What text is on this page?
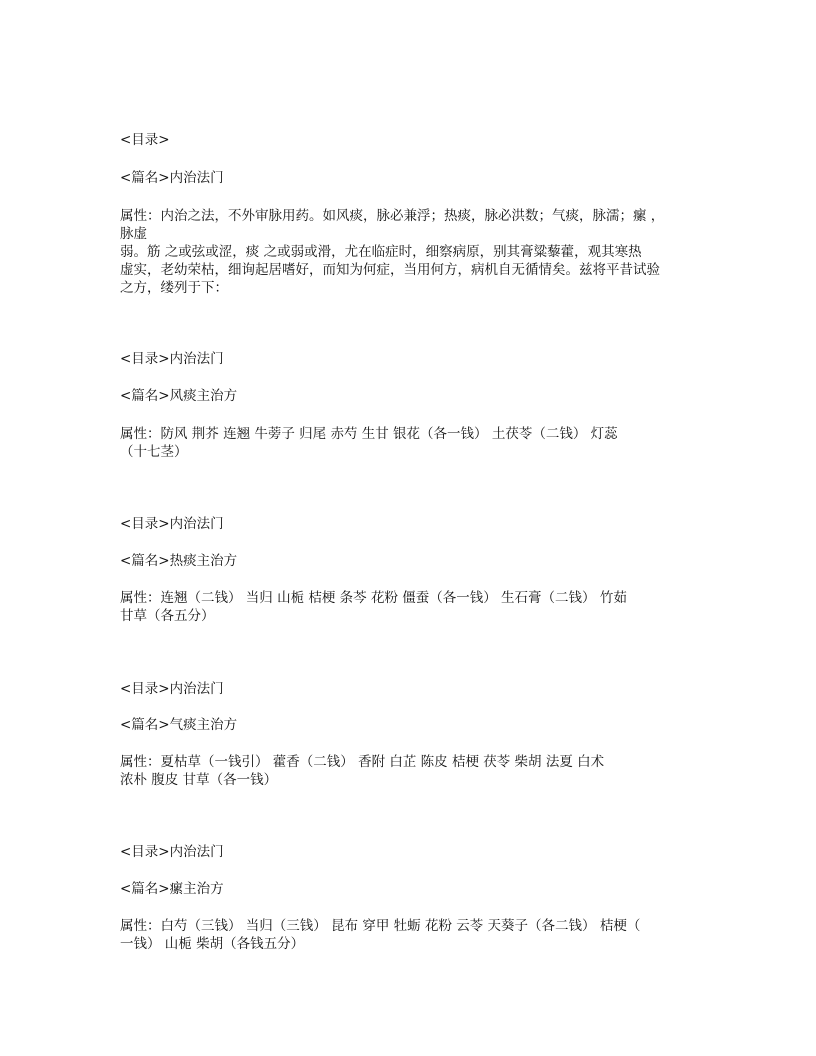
<目录>
<篇名>内治法门
属性：内治之法，不外审脉用药。如风痰，脉必兼浮；热痰，脉必洪数；气痰，脉濡；瘰 ，
脉虚
弱。筋 之或弦或涩，痰 之或弱或滑，尤在临症时，细察病原，别其膏粱藜藿，观其寒热
虚实，老幼荣枯，细询起居嗜好，而知为何症，当用何方，病机自无循情矣。兹将平昔试验
之方，缕列于下：
<目录>内治法门
<篇名>风痰主治方
属性：防风 荆芥 连翘 牛蒡子 归尾 赤芍 生甘 银花（各一钱） 土茯苓（二钱） 灯蕊
（十七茎）
<目录>内治法门
<篇名>热痰主治方
属性：连翘（二钱） 当归 山栀 桔梗 条芩 花粉 僵蚕（各一钱） 生石膏（二钱） 竹茹
甘草（各五分）
<目录>内治法门
<篇名>气痰主治方
属性：夏枯草（一钱引） 藿香（二钱） 香附 白芷 陈皮 桔梗 茯苓 柴胡 法夏 白术
浓朴 腹皮 甘草（各一钱）
<目录>内治法门
<篇名>瘰主治方
属性：白芍（三钱） 当归（三钱） 昆布 穿甲 牡蛎 花粉 云苓 天葵子（各二钱） 桔梗（
一钱） 山栀 柴胡（各钱五分）
